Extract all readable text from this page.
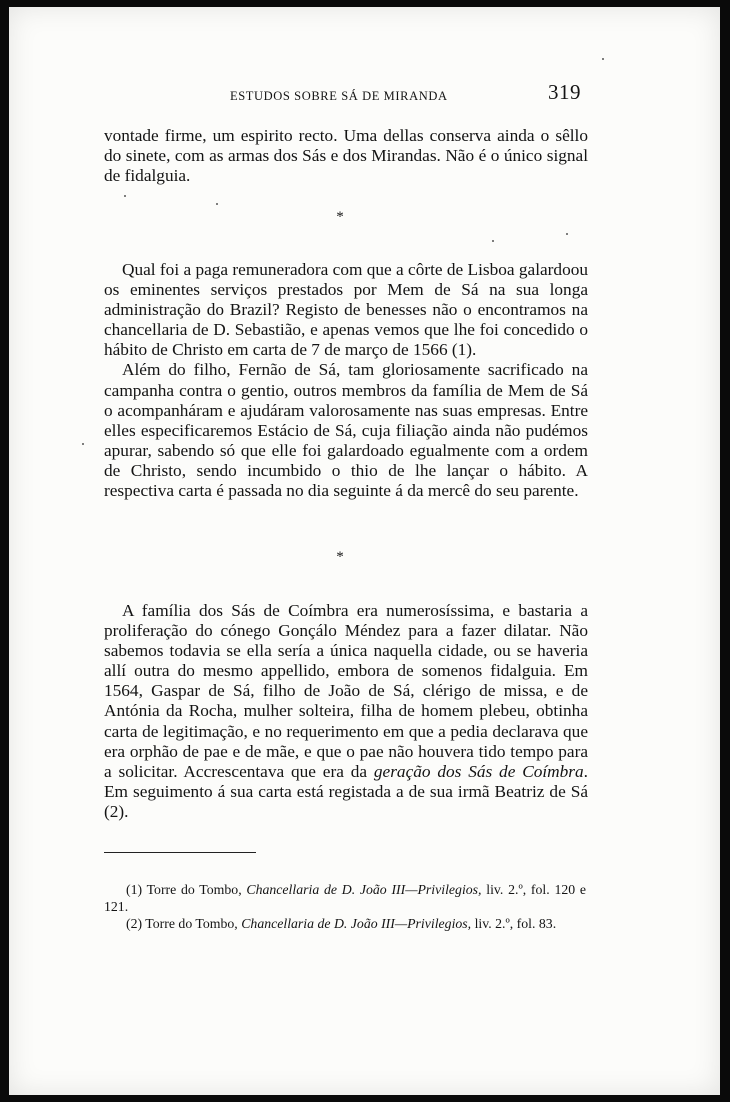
ESTUDOS SOBRE SÁ DE MIRANDA	319

vontade firme, um espirito recto. Uma dellas conserva ainda o sêllo do sinete, com as armas dos Sás e dos Mirandas. Não é o único signal de fidalguia.

*

Qual foi a paga remuneradora com que a côrte de Lisboa galardoou os eminentes serviços prestados por Mem de Sá na sua longa administração do Brazil? Registo de benesses não o encontramos na chancellaria de D. Sebastião, e apenas vemos que lhe foi concedido o hábito de Christo em carta de 7 de março de 1566 (1).

Além do filho, Fernão de Sá, tam gloriosamente sacrificado na campanha contra o gentio, outros membros da família de Mem de Sá o acompanháram e ajudáram valorosamente nas suas empresas. Entre elles especificaremos Estácio de Sá, cuja filiação ainda não pudémos apurar, sabendo só que elle foi galardoado egualmente com a ordem de Christo, sendo incumbido o thio de lhe lançar o hábito. A respectiva carta é passada no dia seguinte á da mercê do seu parente.

*

A família dos Sás de Coímbra era numerosíssima, e bastaria a proliferação do cónego Gonçálo Méndez para a fazer dilatar. Não sabemos todavia se ella sería a única naquella cidade, ou se haveria allí outra do mesmo appellido, embora de somenos fidalguia. Em 1564, Gaspar de Sá, filho de João de Sá, clérigo de missa, e de Antónia da Rocha, mulher solteira, filha de homem plebeu, obtinha carta de legitimação, e no requerimento em que a pedia declarava que era orphão de pae e de mãe, e que o pae não houvera tido tempo para a solicitar. Accrescentava que era da geração dos Sás de Coímbra. Em seguimento á sua carta está registada a de sua irmã Beatriz de Sá (2).

(1) Torre do Tombo, Chancellaria de D. João III—Privilegios, liv. 2.º, fol. 120 e 121.

(2) Torre do Tombo, Chancellaria de D. João III—Privilegios, liv. 2.º, fol. 83.
